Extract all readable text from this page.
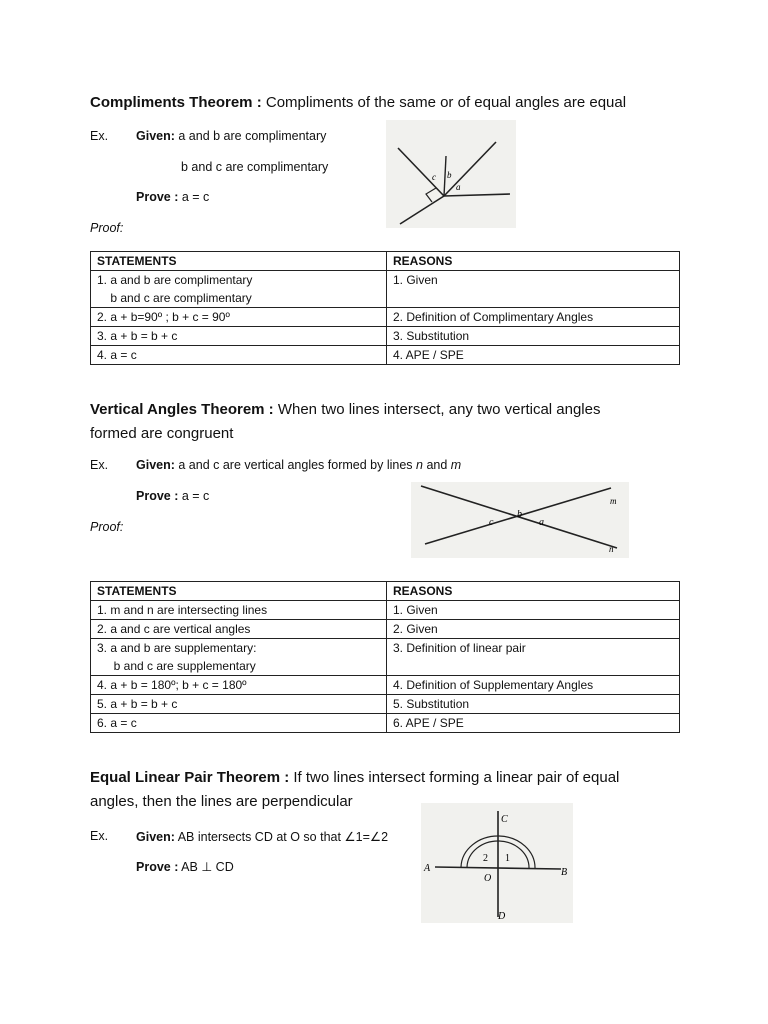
Compliments Theorem : Compliments of the same or of equal angles are equal
Ex. Given: a and b are complimentary
b and c are complimentary
Prove : a = c
Proof:
c b
a
STATEMENTS	REASONS
1. a and b are complimentary
b and c are complimentary	1. Given
2. a + b=90º ; b + c = 90º	2. Definition of Complimentary Angles
3. a + b = b + c	3. Substitution
4. a = c	4. APE / SPE
Vertical Angles Theorem : When two lines intersect, any two vertical angles
formed are congruent
Ex. Given: a and c are vertical angles formed by lines n and m
Prove : a = c
Proof:
m
n
c
b
a
STATEMENTS	REASONS
1. m and n are intersecting lines	1. Given
2. a and c are vertical angles	2. Given
3. a and b are supplementary:
b and c are supplementary	3. Definition of linear pair
4. a + b = 180º; b + c = 180º	4. Definition of Supplementary Angles
5. a + b = b + c	5. Substitution
6. a = c	6. APE / SPE
Equal Linear Pair Theorem : If two lines intersect forming a linear pair of equal
angles, then the lines are perpendicular
Ex. Given: AB intersects CD at O so that ∠1=∠2
Prove : AB ⊥ CD
C
A	B
O
D
2 1
